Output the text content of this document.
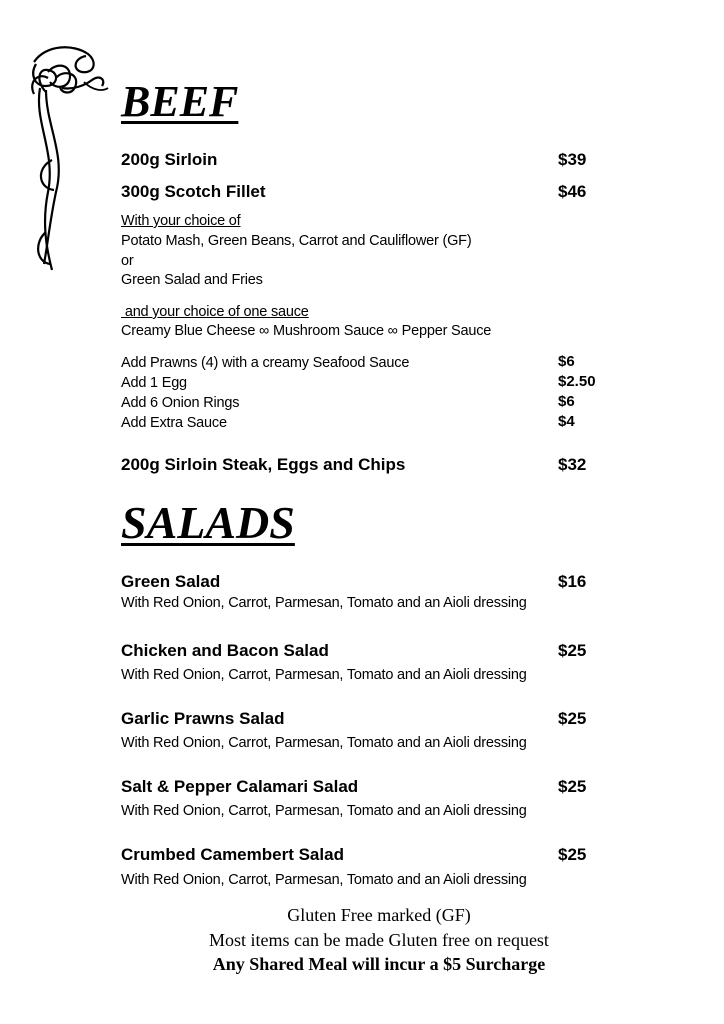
BEEF
200g Sirloin	$39
300g Scotch Fillet	$46
With your choice of
Potato Mash, Green Beans, Carrot and Cauliflower (GF)
or
Green Salad and Fries
and your choice of one sauce
Creamy Blue Cheese ∞ Mushroom Sauce ∞ Pepper Sauce
Add Prawns (4) with a creamy Seafood Sauce	$6
Add 1 Egg	$2.50
Add 6 Onion Rings	$6
Add Extra Sauce	$4
200g Sirloin Steak, Eggs and Chips	$32
SALADS
Green Salad	$16
With Red Onion, Carrot, Parmesan, Tomato and an Aioli dressing
Chicken and Bacon Salad	$25
With Red Onion, Carrot, Parmesan, Tomato and an Aioli dressing
Garlic Prawns Salad	$25
With Red Onion, Carrot, Parmesan, Tomato and an Aioli dressing
Salt & Pepper Calamari Salad	$25
With Red Onion, Carrot, Parmesan, Tomato and an Aioli dressing
Crumbed Camembert Salad	$25
With Red Onion, Carrot, Parmesan, Tomato and an Aioli dressing
Gluten Free marked (GF)
Most items can be made Gluten free on request
Any Shared Meal will incur a $5 Surcharge
